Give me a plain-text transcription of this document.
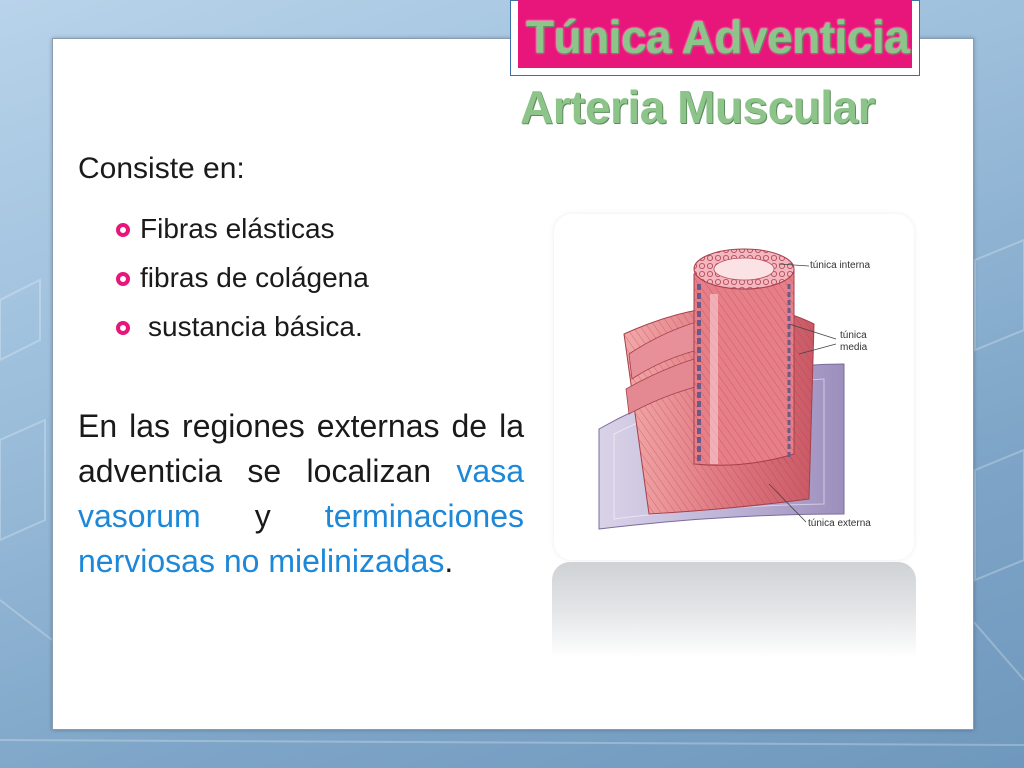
Túnica Adventicia
Arteria Muscular
Consiste en:
Fibras elásticas
fibras de colágena
sustancia básica.
En las regiones externas de la adventicia se localizan vasa vasorum y terminaciones nerviosas no mielinizadas.
túnica interna
túnica
media
túnica externa
